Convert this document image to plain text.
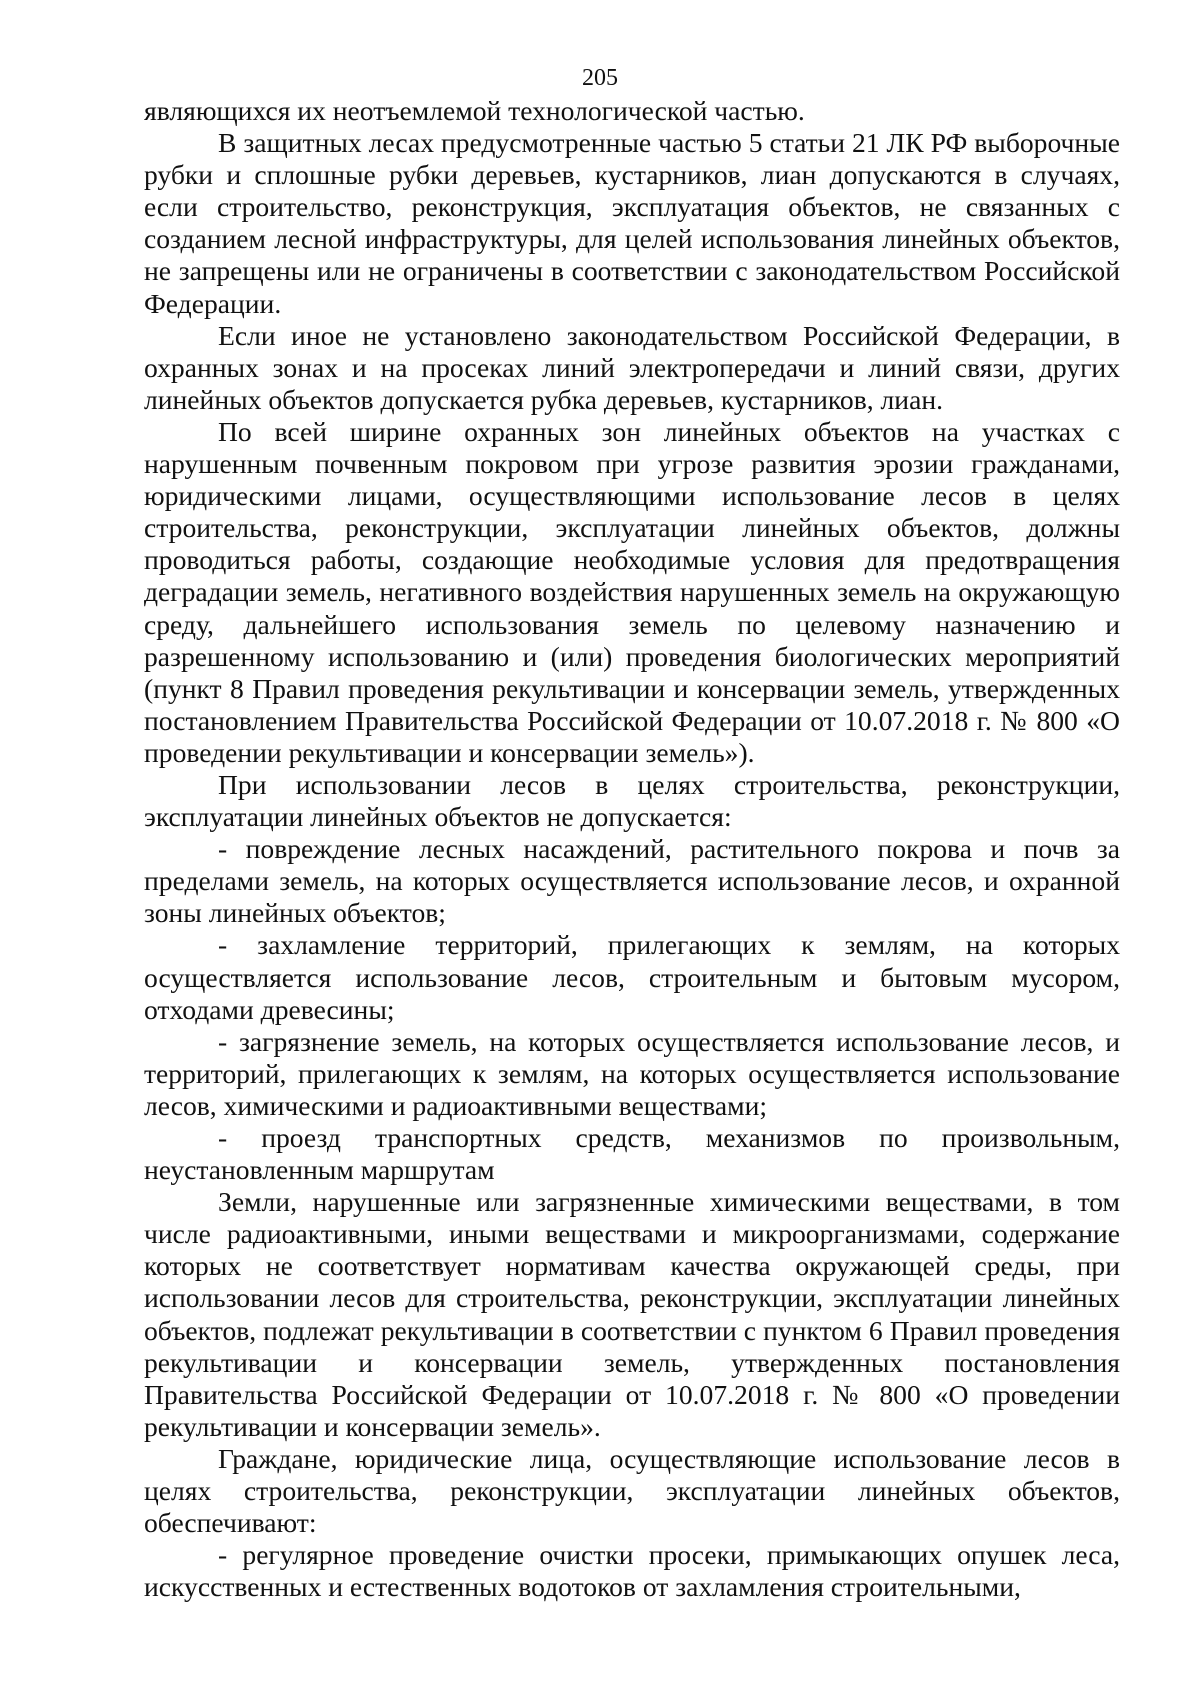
205

являющихся их неотъемлемой технологической частью.

В защитных лесах предусмотренные частью 5 статьи 21 ЛК РФ выборочные рубки и сплошные рубки деревьев, кустарников, лиан допускаются в случаях, если строительство, реконструкция, эксплуатация объектов, не связанных с созданием лесной инфраструктуры, для целей использования линейных объектов, не запрещены или не ограничены в соответствии с законодательством Российской Федерации.

Если иное не установлено законодательством Российской Федерации, в охранных зонах и на просеках линий электропередачи и линий связи, других линейных объектов допускается рубка деревьев, кустарников, лиан.

По всей ширине охранных зон линейных объектов на участках с нарушенным почвенным покровом при угрозе развития эрозии гражданами, юридическими лицами, осуществляющими использование лесов в целях строительства, реконструкции, эксплуатации линейных объектов, должны проводиться работы, создающие необходимые условия для предотвращения деградации земель, негативного воздействия нарушенных земель на окружающую среду, дальнейшего использования земель по целевому назначению и разрешенному использованию и (или) проведения биологических мероприятий (пункт 8 Правил проведения рекультивации и консервации земель, утвержденных постановлением Правительства Российской Федерации от 10.07.2018 г. № 800 «О проведении рекультивации и консервации земель»).

При использовании лесов в целях строительства, реконструкции, эксплуатации линейных объектов не допускается:

- повреждение лесных насаждений, растительного покрова и почв за пределами земель, на которых осуществляется использование лесов, и охранной зоны линейных объектов;

- захламление территорий, прилегающих к землям, на которых осуществляется использование лесов, строительным и бытовым мусором, отходами древесины;

- загрязнение земель, на которых осуществляется использование лесов, и территорий, прилегающих к землям, на которых осуществляется использование лесов, химическими и радиоактивными веществами;

- проезд транспортных средств, механизмов по произвольным, неустановленным маршрутам

Земли, нарушенные или загрязненные химическими веществами, в том числе радиоактивными, иными веществами и микроорганизмами, содержание которых не соответствует нормативам качества окружающей среды, при использовании лесов для строительства, реконструкции, эксплуатации линейных объектов, подлежат рекультивации в соответствии с пунктом 6 Правил проведения рекультивации и консервации земель, утвержденных постановления Правительства Российской Федерации от 10.07.2018 г. № 800 «О проведении рекультивации и консервации земель».

Граждане, юридические лица, осуществляющие использование лесов в целях строительства, реконструкции, эксплуатации линейных объектов, обеспечивают:

- регулярное проведение очистки просеки, примыкающих опушек леса, искусственных и естественных водотоков от захламления строительными,
